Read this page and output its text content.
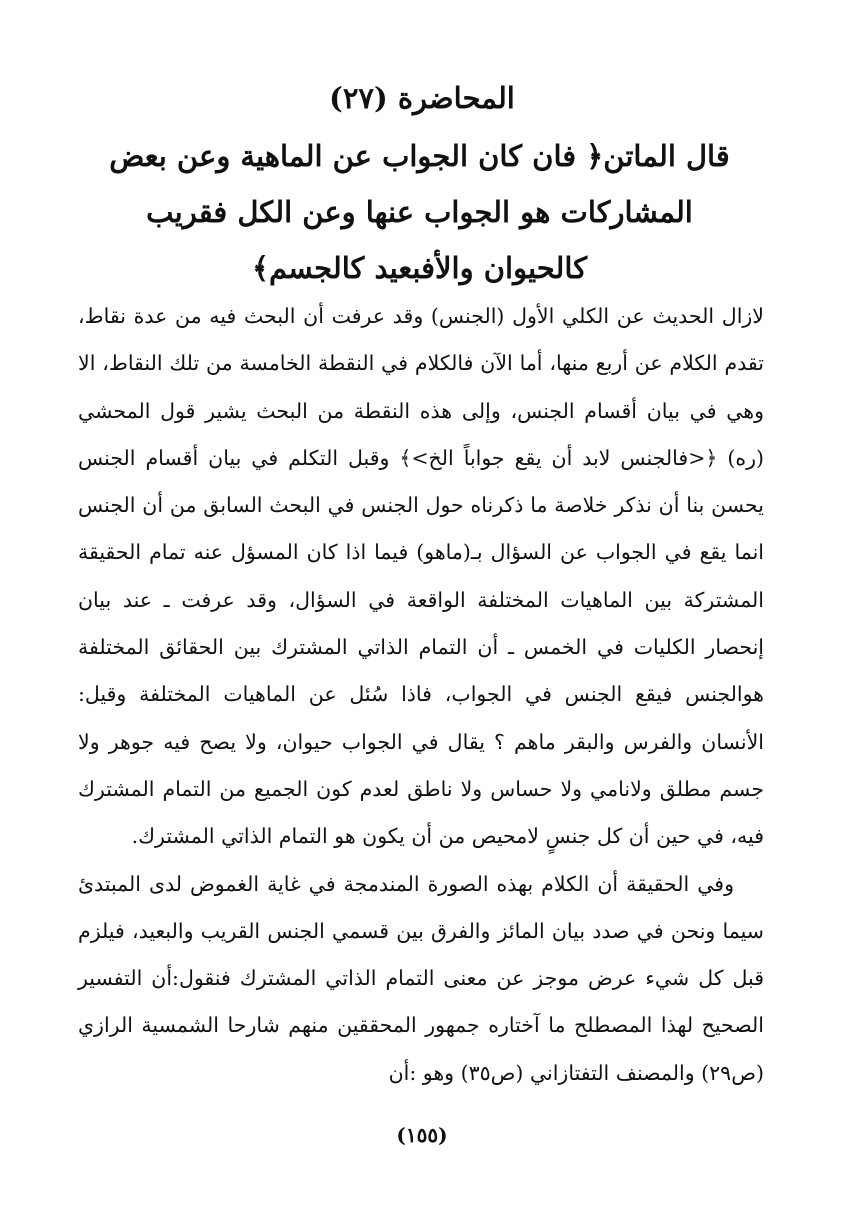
المحاضرة (٢٧)
قال الماتن﴿ فان كان الجواب عن الماهية وعن بعض المشاركات هو الجواب عنها وعن الكل فقريب كالحيوان والأفبعيد كالجسم﴾

لازال الحديث عن الكلي الأول (الجنس) وقد عرفت أن البحث فيه من عدة نقاط، تقدم الكلام عن أربع منها، أما الآن فالكلام في النقطة الخامسة من تلك النقاط، الا وهي في بيان أقسام الجنس، وإلى هذه النقطة من البحث يشير قول المحشي (ره) ﴿<فالجنس لابد أن يقع جواباً الخ>﴾ وقبل التكلم في بيان أقسام الجنس يحسن بنا أن نذكر خلاصة ما ذكرناه حول الجنس في البحث السابق من أن الجنس انما يقع في الجواب عن السؤال بـ(ماهو) فيما اذا كان المسؤل عنه تمام الحقيقة المشتركة بين الماهيات المختلفة الواقعة في السؤال، وقد عرفت ـ عند بيان إنحصار الكليات في الخمس ـ أن التمام الذاتي المشترك بين الحقائق المختلفة هوالجنس فيقع الجنس في الجواب، فاذا سُئل عن الماهيات المختلفة وقيل: الأنسان والفرس والبقر ماهم ؟ يقال في الجواب حيوان، ولا يصح فيه جوهر ولا جسم مطلق ولانامي ولا حساس ولا ناطق لعدم كون الجميع من التمام المشترك فيه، في حين أن كل جنسٍ لامحيص من أن يكون هو التمام الذاتي المشترك.

وفي الحقيقة أن الكلام بهذه الصورة المندمجة في غاية الغموض لدى المبتدئ سيما ونحن في صدد بيان المائز والفرق بين قسمي الجنس القريب والبعيد، فيلزم قبل كل شيء عرض موجز عن معنى التمام الذاتي المشترك فنقول:أن التفسير الصحيح لهذا المصطلح ما آختاره جمهور المحققين منهم شارحا الشمسية الرازي (ص٢٩) والمصنف التفتازاني (ص٣٥) وهو :أن

(١٥٥)
